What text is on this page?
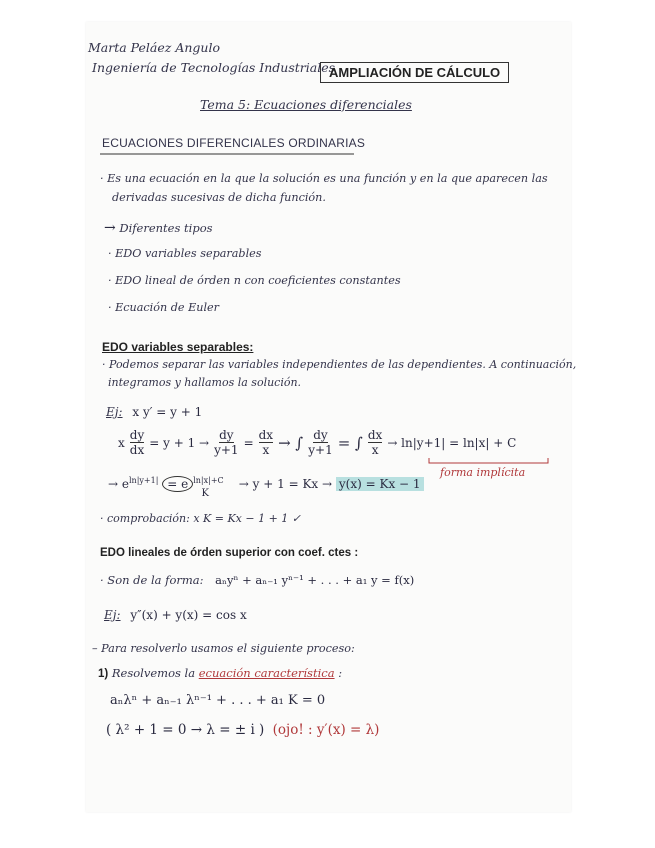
Marta Peláez Angulo
Ingeniería de Tecnologías Industriales
AMPLIACIÓN DE CÁLCULO
Tema 5: Ecuaciones diferenciales
ECUACIONES DIFERENCIALES ORDINARIAS
· Es una ecuación en la que la solución es una función y en la que aparecen las
derivadas sucesivas de dicha función.
→ Diferentes tipos
· EDO variables separables
· EDO lineal de órden n con coeficientes constantes
· Ecuación de Euler
EDO variables separables:
· Podemos separar las variables independientes de las dependientes. A continuación,
integramos y hallamos la solución.
Ej: x y′ = y + 1
x $\frac{dy}{dx} = y + 1 \to \frac{dy}{y+1} = \frac{dx}{x}$ → ∫ $\frac{dy}{y+1}$ = ∫ $\frac{dx}{x} \to \ln|y+1| = \ln|x| + C$
forma implícita
→ $e^{ln|y+1|} = e$ $^{ln|x|+C}$ $_K$ → y + 1 = Kx → y(x) = Kx − 1
· comprobación: x K = Kx − 1 + 1 ✓
EDO lineales de órden superior con coef. ctes :
· Son de la forma: aₙyⁿ + aₙ₋₁ yⁿ⁻¹ + . . . + a₁ y = f(x)
Ej: y″(x) + y(x) = cos x
– Para resolverlo usamos el siguiente proceso:
1) Resolvemos la ecuación característica :
aₙλⁿ + aₙ₋₁ λⁿ⁻¹ + . . . + a₁ K = 0
( λ² + 1 = 0 → λ = ± i ) (ojo! : y′(x) = λ)
